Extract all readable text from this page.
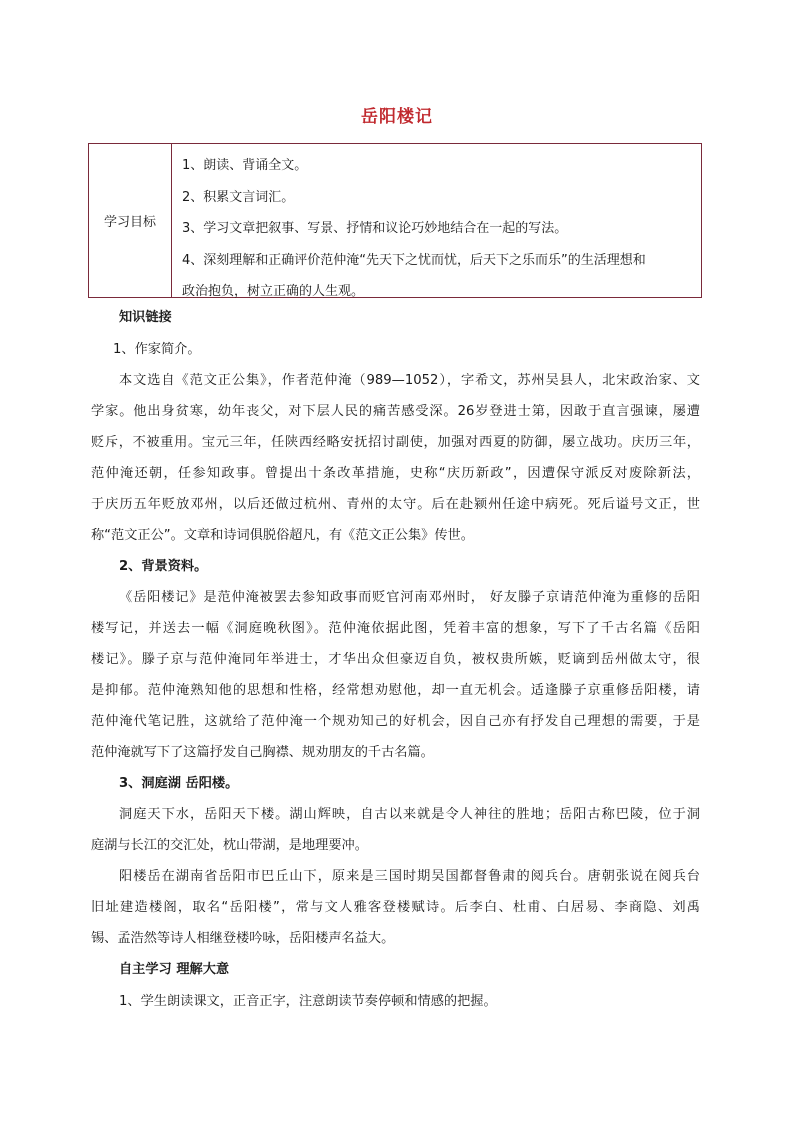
岳阳楼记
学习目标
1、朗读、背诵全文。
2、积累文言词汇。
3、学习文章把叙事、写景、抒情和议论巧妙地结合在一起的写法。
4、深刻理解和正确评价范仲淹“先天下之忧而忧，后天下之乐而乐”的生活理想和
政治抱负，树立正确的人生观。
知识链接
1、作家简介。
本文选自《范文正公集》，作者范仲淹（989—1052），字希文，苏州吴县人，北宋政治家、文
学家。他出身贫寒，幼年丧父，对下层人民的痛苦感受深。26岁登进士第，因敢于直言强谏，屡遭
贬斥，不被重用。宝元三年，任陕西经略安抚招讨副使，加强对西夏的防御，屡立战功。庆历三年，
范仲淹还朝，任参知政事。曾提出十条改革措施，史称“庆历新政”，因遭保守派反对废除新法，
于庆历五年贬放邓州，以后还做过杭州、青州的太守。后在赴颍州任途中病死。死后谥号文正，世
称“范文正公”。文章和诗词俱脱俗超凡，有《范文正公集》传世。
2、背景资料。
《岳阳楼记》是范仲淹被罢去参知政事而贬官河南邓州时， 好友滕子京请范仲淹为重修的岳阳
楼写记，并送去一幅《洞庭晚秋图》。范仲淹依据此图，凭着丰富的想象，写下了千古名篇《岳阳
楼记》。滕子京与范仲淹同年举进士，才华出众但豪迈自负，被权贵所嫉，贬谪到岳州做太守，很
是抑郁。范仲淹熟知他的思想和性格，经常想劝慰他，却一直无机会。适逢滕子京重修岳阳楼，请
范仲淹代笔记胜，这就给了范仲淹一个规劝知己的好机会，因自己亦有抒发自己理想的需要，于是
范仲淹就写下了这篇抒发自己胸襟、规劝朋友的千古名篇。
3、洞庭湖 岳阳楼。
洞庭天下水，岳阳天下楼。湖山辉映，自古以来就是令人神往的胜地；岳阳古称巴陵，位于洞
庭湖与长江的交汇处，枕山带湖，是地理要冲。
阳楼岳在湖南省岳阳市巴丘山下，原来是三国时期吴国都督鲁肃的阅兵台。唐朝张说在阅兵台
旧址建造楼阁，取名“岳阳楼”，常与文人雅客登楼赋诗。后李白、杜甫、白居易、李商隐、刘禹
锡、孟浩然等诗人相继登楼吟咏，岳阳楼声名益大。
自主学习 理解大意
1、学生朗读课文，正音正字，注意朗读节奏停顿和情感的把握。
